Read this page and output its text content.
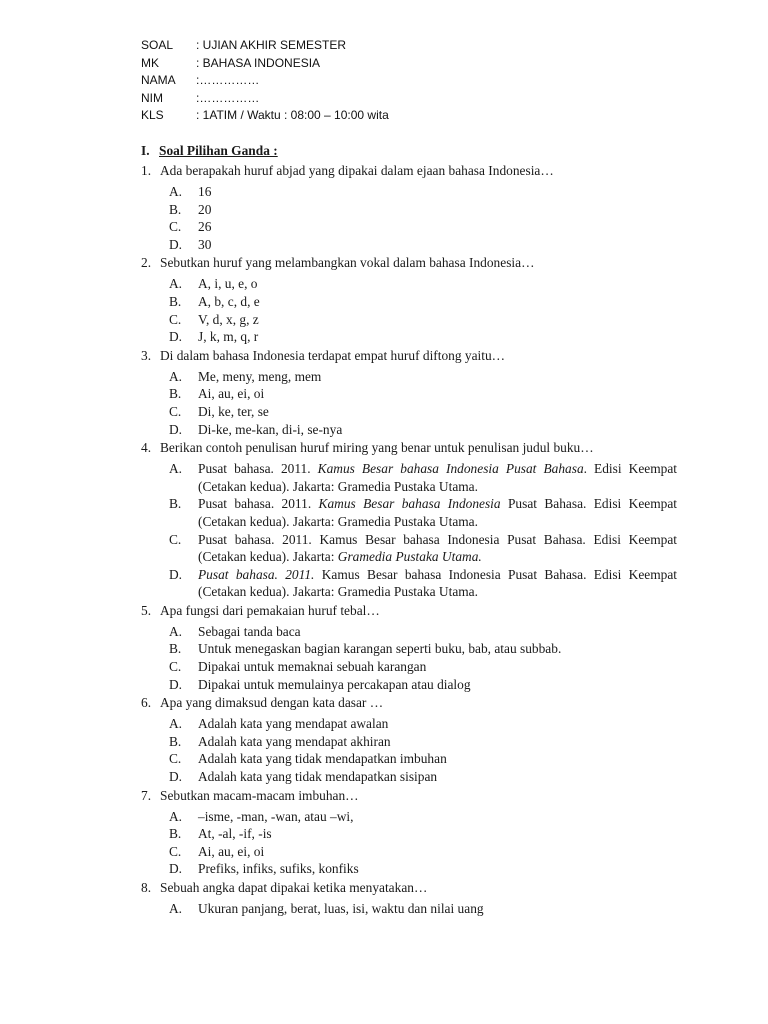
SOAL : UJIAN AKHIR SEMESTER
MK	: BAHASA INDONESIA
NAMA :……………
NIM	:……………
KLS	: 1ATIM / Waktu : 08:00 – 10:00 wita
I. Soal Pilihan Ganda :
1. Ada berapakah huruf abjad yang dipakai dalam ejaan bahasa Indonesia…
A. 16
B. 20
C. 26
D. 30
2. Sebutkan huruf yang melambangkan vokal dalam bahasa Indonesia…
A. A, i, u, e, o
B. A, b, c, d, e
C. V, d, x, g, z
D. J, k, m, q, r
3. Di dalam bahasa Indonesia terdapat empat huruf diftong yaitu…
A. Me, meny, meng, mem
B. Ai, au, ei, oi
C. Di, ke, ter, se
D. Di-ke, me-kan, di-i, se-nya
4. Berikan contoh penulisan huruf miring yang benar untuk penulisan judul buku…
A. Pusat bahasa. 2011. Kamus Besar bahasa Indonesia Pusat Bahasa. Edisi Keempat (Cetakan kedua). Jakarta: Gramedia Pustaka Utama.
B. Pusat bahasa. 2011. Kamus Besar bahasa Indonesia Pusat Bahasa. Edisi Keempat (Cetakan kedua). Jakarta: Gramedia Pustaka Utama.
C. Pusat bahasa. 2011. Kamus Besar bahasa Indonesia Pusat Bahasa. Edisi Keempat (Cetakan kedua). Jakarta: Gramedia Pustaka Utama.
D. Pusat bahasa. 2011. Kamus Besar bahasa Indonesia Pusat Bahasa. Edisi Keempat (Cetakan kedua). Jakarta: Gramedia Pustaka Utama.
5. Apa fungsi dari pemakaian huruf tebal…
A. Sebagai tanda baca
B. Untuk menegaskan bagian karangan seperti buku, bab, atau subbab.
C. Dipakai untuk memaknai sebuah karangan
D. Dipakai untuk memulainya percakapan atau dialog
6. Apa yang dimaksud dengan kata dasar …
A. Adalah kata yang mendapat awalan
B. Adalah kata yang mendapat akhiran
C. Adalah kata yang tidak mendapatkan imbuhan
D. Adalah kata yang tidak mendapatkan sisipan
7. Sebutkan macam-macam imbuhan…
A. –isme, -man, -wan, atau –wi,
B. At, -al, -if, -is
C. Ai, au, ei, oi
D. Prefiks, infiks, sufiks, konfiks
8. Sebuah angka dapat dipakai ketika menyatakan…
A. Ukuran panjang, berat, luas, isi, waktu dan nilai uang
